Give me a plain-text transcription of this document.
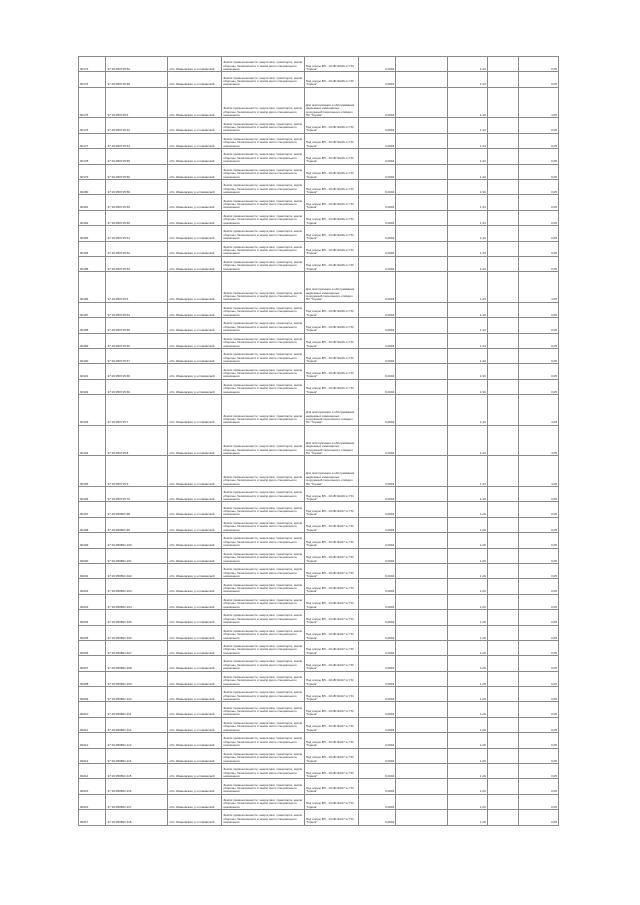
90173	37:16:050715:52	обл. Ивановская, р-н Савинский	Земли промышленности, энергетики, транспорта, земли обороны, безопасности и земли иного специального назначения	Под опоры ВЛ - 10 кВ №416 от ПС "Горняк"	0,0004		1,33		0,05
90174	37:16:050715:48	обл. Ивановская, р-н Савинский	Земли промышленности, энергетики, транспорта, земли обороны, безопасности и земли иного специального назначения	Под опоры ВЛ - 10 кВ №416 от ПС "Горняк"	0,0004		1,33		0,05
90175	37:16:050715:6	обл. Ивановская, р-н Савинский	Земли промышленности, энергетики, транспорта, земли обороны, безопасности и земли иного специального назначения	Для эксплуатации и обслуживания надземных инженерных сооружений перегонного отвода к ПС "Горняк"	0,0004		1,33		4,05
90176	37:16:050715:42	обл. Ивановская, р-н Савинский	Земли промышленности, энергетики, транспорта, земли обороны, безопасности и земли иного специального назначения	Под опоры ВЛ - 10 кВ №416 от ПС "Горняк"	0,0004		1,33		0,05
90177	37:16:050715:54	обл. Ивановская, р-н Савинский	Земли промышленности, энергетики, транспорта, земли обороны, безопасности и земли иного специального назначения	Под опоры ВЛ - 10 кВ №416 от ПС "Горняк"	0,0004		1,33		0,05
90178	37:16:050715:55	обл. Ивановская, р-н Савинский	Земли промышленности, энергетики, транспорта, земли обороны, безопасности и земли иного специального назначения	Под опоры ВЛ - 10 кВ №416 от ПС "Горняк"	0,0004		1,33		0,05
90179	37:16:050715:56	обл. Ивановская, р-н Савинский	Земли промышленности, энергетики, транспорта, земли обороны, безопасности и земли иного специального назначения	Под опоры ВЛ - 10 кВ №416 от ПС "Горняк"	0,0004		1,33		0,05
90180	37:16:050715:58	обл. Ивановская, р-н Савинский	Земли промышленности, энергетики, транспорта, земли обороны, безопасности и земли иного специального назначения	Под опоры ВЛ - 10 кВ №416 от ПС "Горняк"	0,0004		1,33		0,05
90181	37:16:050715:59	обл. Ивановская, р-н Савинский	Земли промышленности, энергетики, транспорта, земли обороны, безопасности и земли иного специального назначения	Под опоры ВЛ - 10 кВ №416 от ПС "Горняк"	0,0004		1,33		0,05
90182	37:16:050715:60	обл. Ивановская, р-н Савинский	Земли промышленности, энергетики, транспорта, земли обороны, безопасности и земли иного специального назначения	Под опоры ВЛ - 10 кВ №416 от ПС "Горняк"	0,0004		1,33		0,05
90183	37:16:050715:61	обл. Ивановская, р-н Савинский	Земли промышленности, энергетики, транспорта, земли обороны, безопасности и земли иного специального назначения	Под опоры ВЛ - 10 кВ №416 от ПС "Горняк"	0,0004		1,33		0,05
90184	37:16:050715:62	обл. Ивановская, р-н Савинский	Земли промышленности, энергетики, транспорта, земли обороны, безопасности и земли иного специального назначения	Под опоры ВЛ - 10 кВ №416 от ПС "Горняк"	0,0004		1,33		0,05
90185	37:16:050715:63	обл. Ивановская, р-н Савинский	Земли промышленности, энергетики, транспорта, земли обороны, безопасности и земли иного специального назначения	Под опоры ВЛ - 10 кВ №416 от ПС "Горняк"	0,0004		1,33		0,05
90186	37:16:050715:5	обл. Ивановская, р-н Савинский	Земли промышленности, энергетики, транспорта, земли обороны, безопасности и земли иного специального назначения	Для эксплуатации и обслуживания надземных инженерных сооружений перегонного отвода к ПС "Горняк"	0,0004		1,33		4,05
90187	37:16:050715:64	обл. Ивановская, р-н Савинский	Земли промышленности, энергетики, транспорта, земли обороны, безопасности и земли иного специального назначения	Под опоры ВЛ - 10 кВ №416 от ПС "Горняк"	0,0004		1,33		0,05
90188	37:16:050715:65	обл. Ивановская, р-н Савинский	Земли промышленности, энергетики, транспорта, земли обороны, безопасности и земли иного специального назначения	Под опоры ВЛ - 10 кВ №416 от ПС "Горняк"	0,0004		1,33		0,05
90189	37:16:050715:66	обл. Ивановская, р-н Савинский	Земли промышленности, энергетики, транспорта, земли обороны, безопасности и земли иного специального назначения	Под опоры ВЛ - 10 кВ №416 от ПС "Горняк"	0,0004		1,33		0,05
90190	37:16:050715:67	обл. Ивановская, р-н Савинский	Земли промышленности, энергетики, транспорта, земли обороны, безопасности и земли иного специального назначения	Под опоры ВЛ - 10 кВ №416 от ПС "Горняк"	0,0004		1,33		0,05
90191	37:16:050715:68	обл. Ивановская, р-н Савинский	Земли промышленности, энергетики, транспорта, земли обороны, безопасности и земли иного специального назначения	Под опоры ВЛ - 10 кВ №416 от ПС "Горняк"	0,0004		1,33		0,05
90192	37:16:050715:69	обл. Ивановская, р-н Савинский	Земли промышленности, энергетики, транспорта, земли обороны, безопасности и земли иного специального назначения	Под опоры ВЛ - 10 кВ №416 от ПС "Горняк"	0,0004		1,33		0,05
90193	37:16:050715:7	обл. Ивановская, р-н Савинский	Земли промышленности, энергетики, транспорта, земли обороны, безопасности и земли иного специального назначения	Для эксплуатации и обслуживания надземных инженерных сооружений перегонного отвода к ПС "Горняк"	0,0004		1,33		4,05
90194	37:16:050715:8	обл. Ивановская, р-н Савинский	Земли промышленности, энергетики, транспорта, земли обороны, безопасности и земли иного специального назначения	Для эксплуатации и обслуживания надземных инженерных сооружений перегонного отвода к ПС "Горняк"	0,0004		1,33		4,05
90195	37:16:050715:9	обл. Ивановская, р-н Савинский	Земли промышленности, энергетики, транспорта, земли обороны, безопасности и земли иного специального назначения	Для эксплуатации и обслуживания надземных инженерных сооружений перегонного отвода к ПС "Горняк"	0,0004		1,33		4,05
90196	37:16:050715:70	обл. Ивановская, р-н Савинский	Земли промышленности, энергетики, транспорта, земли обороны, безопасности и земли иного специального назначения	Под опоры ВЛ - 10 кВ №416 от ПС "Горняк"	0,0004		1,33		0,05
90197	37:16:050801:98	обл. Ивановская, р-н Савинский	Земли промышленности, энергетики, транспорта, земли обороны, безопасности и земли иного специального назначения	Под опоры ВЛ - 10 кВ №417 от ПС "Горняк"	0,0004		1,29		0,05
90198	37:16:050801:99	обл. Ивановская, р-н Савинский	Земли промышленности, энергетики, транспорта, земли обороны, безопасности и земли иного специального назначения	Под опоры ВЛ - 10 кВ №417 от ПС "Горняк"	0,0004		1,29		0,05
90199	37:16:050801:100	обл. Ивановская, р-н Савинский	Земли промышленности, энергетики, транспорта, земли обороны, безопасности и земли иного специального назначения	Под опоры ВЛ - 10 кВ №417 от ПС "Горняк"	0,0004		1,29		0,05
90200	37:16:050801:101	обл. Ивановская, р-н Савинский	Земли промышленности, энергетики, транспорта, земли обороны, безопасности и земли иного специального назначения	Под опоры ВЛ - 10 кВ №417 от ПС "Горняк"	0,0004		1,29		0,05
90201	37:16:050801:102	обл. Ивановская, р-н Савинский	Земли промышленности, энергетики, транспорта, земли обороны, безопасности и земли иного специального назначения	Под опоры ВЛ - 10 кВ №417 от ПС "Горняк"	0,0004		1,29		0,05
90202	37:16:050801:103	обл. Ивановская, р-н Савинский	Земли промышленности, энергетики, транспорта, земли обороны, безопасности и земли иного специального назначения	Под опоры ВЛ - 10 кВ №417 от ПС "Горняк"	0,0004		1,29		0,05
90203	37:16:050801:104	обл. Ивановская, р-н Савинский	Земли промышленности, энергетики, транспорта, земли обороны, безопасности и земли иного специального назначения	Под опоры ВЛ - 10 кВ №417 от ПС "Горняк"	0,0004		1,29		0,05
90204	37:16:050801:105	обл. Ивановская, р-н Савинский	Земли промышленности, энергетики, транспорта, земли обороны, безопасности и земли иного специального назначения	Под опоры ВЛ - 10 кВ №417 от ПС "Горняк"	0,0004		1,29		0,05
90205	37:16:050801:106	обл. Ивановская, р-н Савинский	Земли промышленности, энергетики, транспорта, земли обороны, безопасности и земли иного специального назначения	Под опоры ВЛ - 10 кВ №417 от ПС "Горняк"	0,0004		1,29		0,05
90206	37:16:050801:107	обл. Ивановская, р-н Савинский	Земли промышленности, энергетики, транспорта, земли обороны, безопасности и земли иного специального назначения	Под опоры ВЛ - 10 кВ №417 от ПС "Горняк"	0,0004		1,29		0,05
90207	37:16:050801:108	обл. Ивановская, р-н Савинский	Земли промышленности, энергетики, транспорта, земли обороны, безопасности и земли иного специального назначения	Под опоры ВЛ - 10 кВ №417 от ПС "Горняк"	0,0004		1,29		0,05
90208	37:16:050801:109	обл. Ивановская, р-н Савинский	Земли промышленности, энергетики, транспорта, земли обороны, безопасности и земли иного специального назначения	Под опоры ВЛ - 10 кВ №417 от ПС "Горняк"	0,0004		1,29		0,05
90209	37:16:050801:110	обл. Ивановская, р-н Савинский	Земли промышленности, энергетики, транспорта, земли обороны, безопасности и земли иного специального назначения	Под опоры ВЛ - 10 кВ №417 от ПС "Горняк"	0,0004		1,29		0,05
90210	37:16:050801:111	обл. Ивановская, р-н Савинский	Земли промышленности, энергетики, транспорта, земли обороны, безопасности и земли иного специального назначения	Под опоры ВЛ - 10 кВ №417 от ПС "Горняк"	0,0004		1,29		0,05
90211	37:16:050801:112	обл. Ивановская, р-н Савинский	Земли промышленности, энергетики, транспорта, земли обороны, безопасности и земли иного специального назначения	Под опоры ВЛ - 10 кВ №417 от ПС "Горняк"	0,0004		1,29		0,05
90212	37:16:050801:113	обл. Ивановская, р-н Савинский	Земли промышленности, энергетики, транспорта, земли обороны, безопасности и земли иного специального назначения	Под опоры ВЛ - 10 кВ №417 от ПС "Горняк"	0,0004		1,29		0,05
90213	37:16:050801:114	обл. Ивановская, р-н Савинский	Земли промышленности, энергетики, транспорта, земли обороны, безопасности и земли иного специального назначения	Под опоры ВЛ - 10 кВ №417 от ПС "Горняк"	0,0004		1,29		0,05
90214	37:16:050801:115	обл. Ивановская, р-н Савинский	Земли промышленности, энергетики, транспорта, земли обороны, безопасности и земли иного специального назначения	Под опоры ВЛ - 10 кВ №417 от ПС "Горняк"	0,0004		1,29		0,05
90215	37:16:050801:116	обл. Ивановская, р-н Савинский	Земли промышленности, энергетики, транспорта, земли обороны, безопасности и земли иного специального назначения	Под опоры ВЛ - 10 кВ №417 от ПС "Горняк"	0,0004		1,29		0,05
90216	37:16:050801:117	обл. Ивановская, р-н Савинский	Земли промышленности, энергетики, транспорта, земли обороны, безопасности и земли иного специального назначения	Под опоры ВЛ - 10 кВ №417 от ПС "Горняк"	0,0004		1,29		0,05
90217	37:16:050801:118	обл. Ивановская, р-н Савинский	Земли промышленности, энергетики, транспорта, земли обороны, безопасности и земли иного специального назначения	Под опоры ВЛ - 10 кВ №417 от ПС "Горняк"	0,0004		1,29		0,05
